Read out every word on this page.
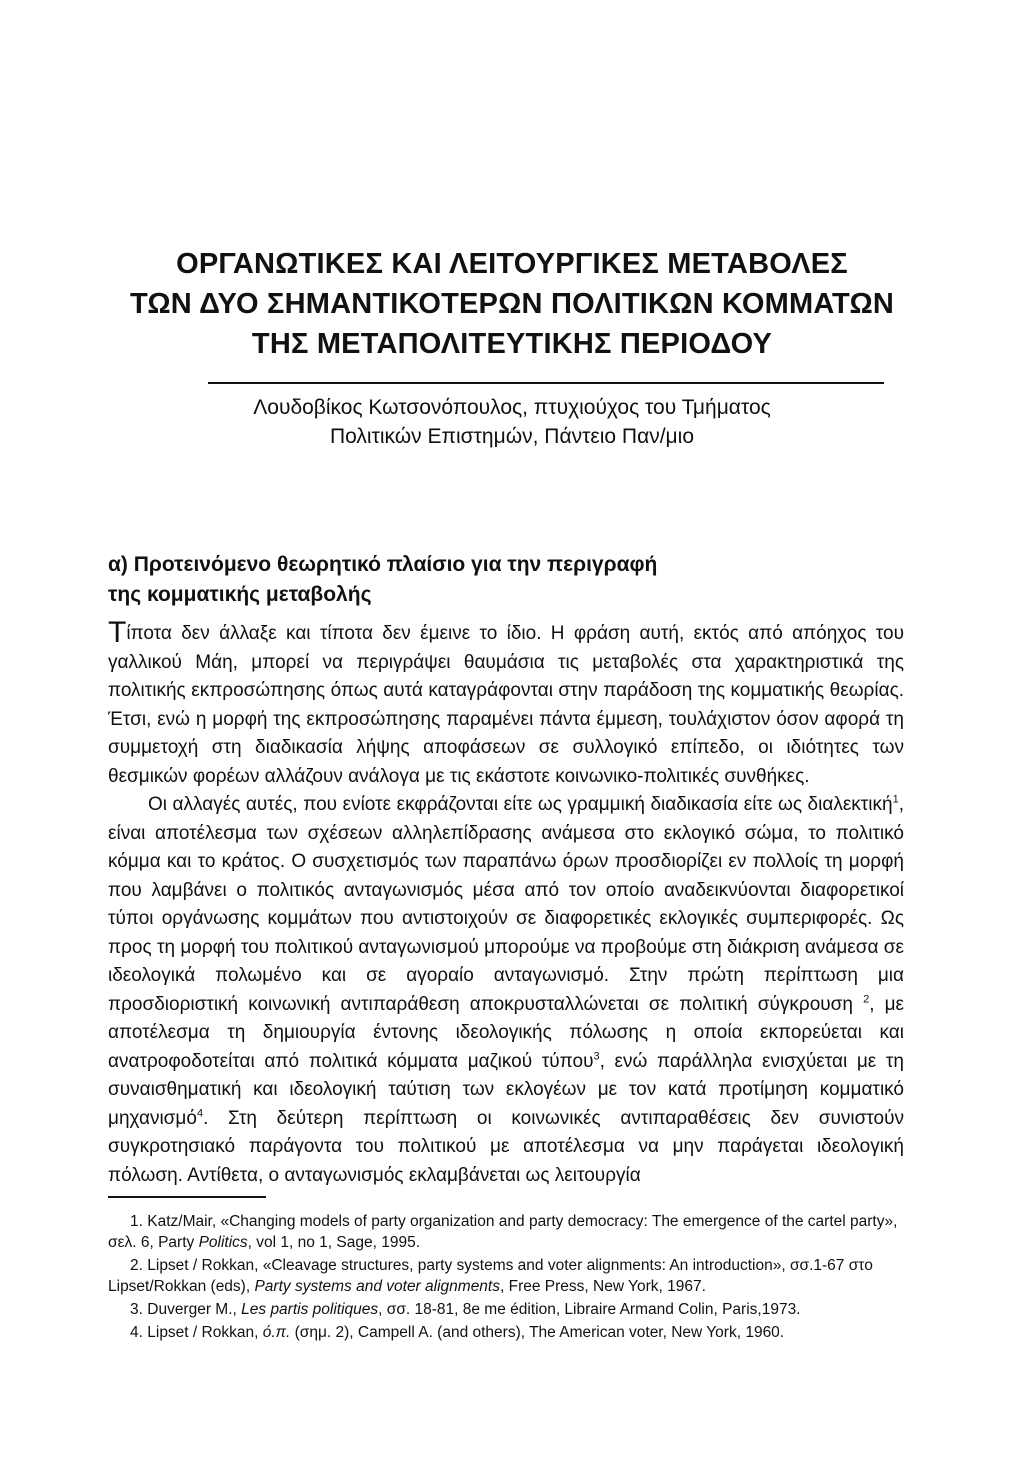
ΟΡΓΑΝΩΤΙΚΕΣ ΚΑΙ ΛΕΙΤΟΥΡΓΙΚΕΣ ΜΕΤΑΒΟΛΕΣ
ΤΩΝ ΔΥΟ ΣΗΜΑΝΤΙΚΟΤΕΡΩΝ ΠΟΛΙΤΙΚΩΝ ΚΟΜΜΑΤΩΝ
ΤΗΣ ΜΕΤΑΠΟΛΙΤΕΥΤΙΚΗΣ ΠΕΡΙΟΔΟΥ
Λουδοβίκος Κωτσονόπουλος, πτυχιούχος του Τμήματος
Πολιτικών Επιστημών, Πάντειο Παν/μιο
α) Προτεινόμενο θεωρητικό πλαίσιο για την περιγραφή
της κομματικής μεταβολής

Τίποτα δεν άλλαξε και τίποτα δεν έμεινε το ίδιο. Η φράση αυτή, εκτός από απόηχος του γαλλικού Μάη, μπορεί να περιγράψει θαυμάσια τις μεταβολές στα χαρακτηριστικά της πολιτικής εκπροσώπησης όπως αυτά καταγράφονται στην παράδοση της κομματικής θεωρίας. Έτσι, ενώ η μορφή της εκπροσώπησης παραμένει πάντα έμμεση, τουλάχιστον όσον αφορά τη συμμετοχή στη διαδικασία λήψης αποφάσεων σε συλλογικό επίπεδο, οι ιδιότητες των θεσμικών φορέων αλλάζουν ανάλογα με τις εκάστοτε κοινωνικο-πολιτικές συνθήκες.

Οι αλλαγές αυτές, που ενίοτε εκφράζονται είτε ως γραμμική διαδικασία είτε ως διαλεκτική$^1$, είναι αποτέλεσμα των σχέσεων αλληλεπίδρασης ανάμεσα στο εκλογικό σώμα, το πολιτικό κόμμα και το κράτος. Ο συσχετισμός των παραπάνω όρων προσδιορίζει εν πολλοίς τη μορφή που λαμβάνει ο πολιτικός ανταγωνισμός μέσα από τον οποίο αναδεικνύονται διαφορετικοί τύποι οργάνωσης κομμάτων που αντιστοιχούν σε διαφορετικές εκλογικές συμπεριφορές. Ως προς τη μορφή του πολιτικού ανταγωνισμού μπορούμε να προβούμε στη διάκριση ανάμεσα σε ιδεολογικά πολωμένο και σε αγοραίο ανταγωνισμό. Στην πρώτη περίπτωση μια προσδιοριστική κοινωνική αντιπαράθεση αποκρυσταλλώνεται σε πολιτική σύγκρουση $^2$, με αποτέλεσμα τη δημιουργία έντονης ιδεολογικής πόλωσης η οποία εκπορεύεται και ανατροφοδοτείται από πολιτικά κόμματα μαζικού τύπου$^3$, ενώ παράλληλα ενισχύεται με τη συναισθηματική και ιδεολογική ταύτιση των εκλογέων με τον κατά προτίμηση κομματικό μηχανισμό$^4$. Στη δεύτερη περίπτωση οι κοινωνικές αντιπαραθέσεις δεν συνιστούν συγκροτησιακό παράγοντα του πολιτικού με αποτέλεσμα να μην παράγεται ιδεολογική πόλωση. Αντίθετα, ο ανταγωνισμός εκλαμβάνεται ως λειτουργία

1. Katz/Mair, «Changing models of party organization and party democracy: The emergence of the cartel party», σελ. 6, Party Politics, vol 1, no 1, Sage, 1995.

2. Lipset / Rokkan, «Cleavage structures, party systems and voter alignments: An introduction», σσ.1-67 στο Lipset/Rokkan (eds), Party systems and voter alignments, Free Press, New York, 1967.

3. Duverger M., Les partis politiques, σσ. 18-81, 8e me édition, Libraire Armand Colin, Paris,1973.

4. Lipset / Rokkan, ό.π. (σημ. 2), Campell A. (and others), The American voter, New York, 1960.
